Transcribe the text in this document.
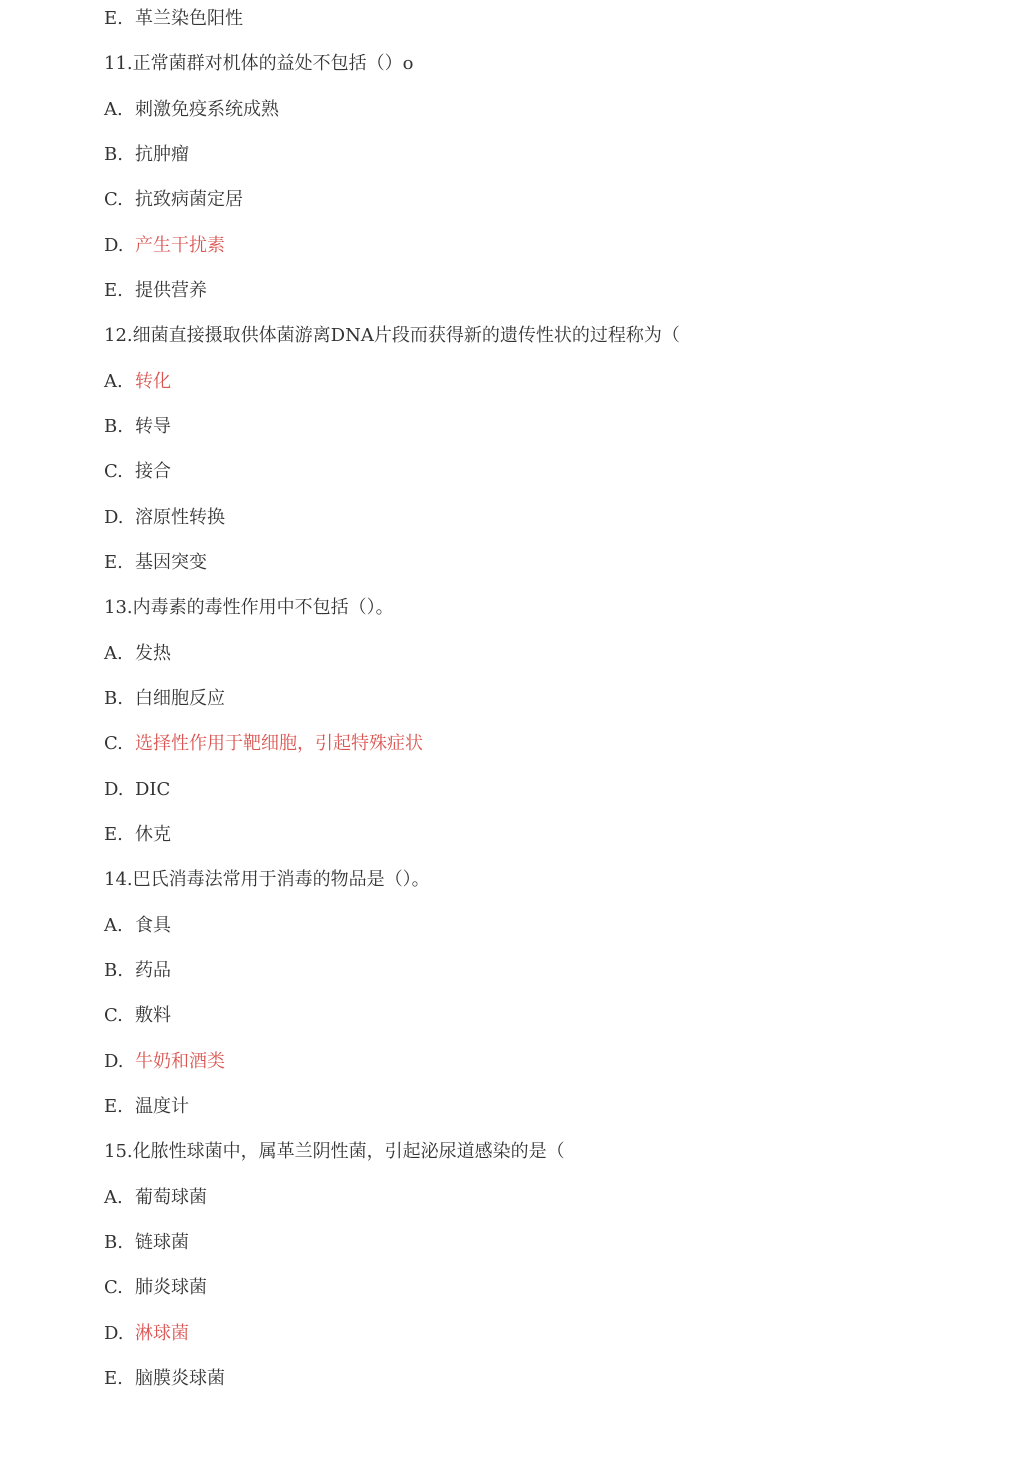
E. 革兰染色阳性
11.正常菌群对机体的益处不包括（）o
A. 刺激免疫系统成熟
B. 抗肿瘤
C. 抗致病菌定居
D. 产生干扰素
E. 提供营养
12.细菌直接摄取供体菌游离DNA片段而获得新的遗传性状的过程称为（
A. 转化
B. 转导
C. 接合
D. 溶原性转换
E. 基因突变
13.内毒素的毒性作用中不包括（）。
A. 发热
B. 白细胞反应
C. 选择性作用于靶细胞，引起特殊症状
D. DIC
E. 休克
14.巴氏消毒法常用于消毒的物品是（）。
A. 食具
B. 药品
C. 敷料
D. 牛奶和酒类
E. 温度计
15.化脓性球菌中，属革兰阴性菌，引起泌尿道感染的是（
A. 葡萄球菌
B. 链球菌
C. 肺炎球菌
D. 淋球菌
E. 脑膜炎球菌
